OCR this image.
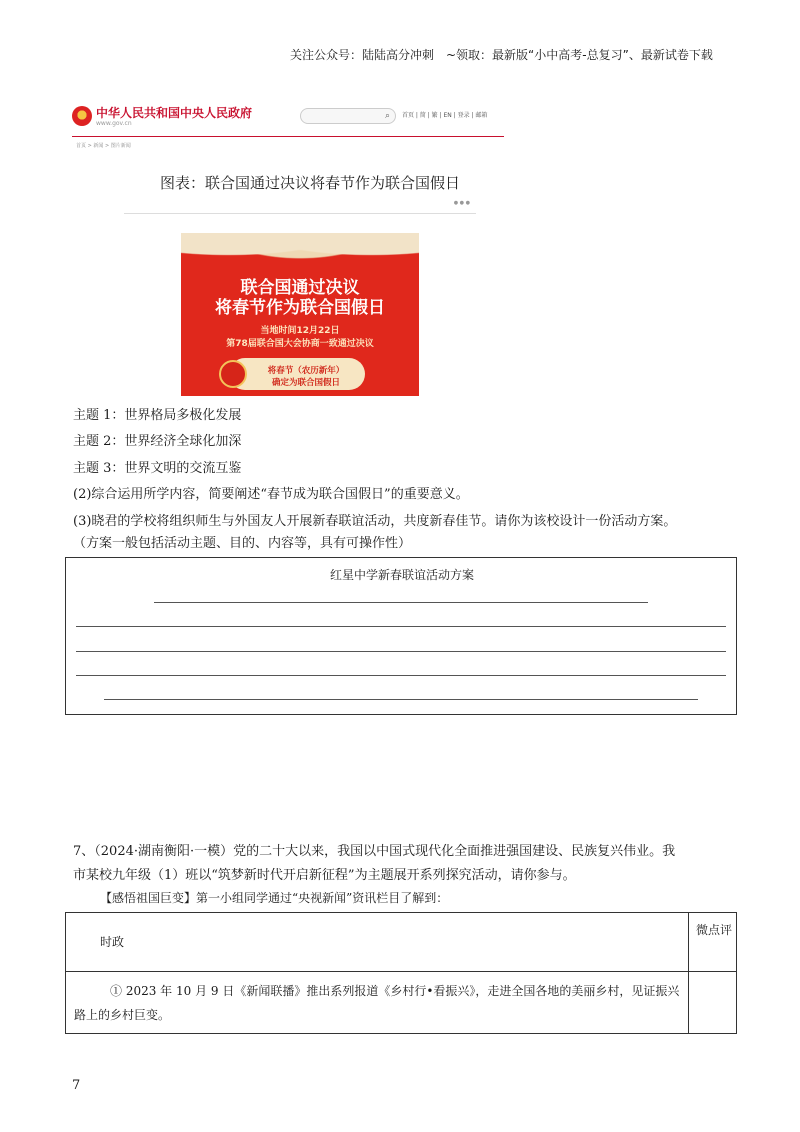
关注公众号：陆陆高分冲刺　~领取：最新版“小中高考-总复习”、最新试卷下载
中华人民共和国中央人民政府
www.gov.cn
⌕ 首页 | 简 | 繁 | EN | 登录 | 邮箱
首页 > 新闻 > 图片新闻
图表：联合国通过决议将春节作为联合国假日
● ● ●
联合国通过决议
将春节作为联合国假日
当地时间12月22日
第78届联合国大会协商一致通过决议
将春节（农历新年）
确定为联合国假日
主题 1：世界格局多极化发展
主题 2：世界经济全球化加深
主题 3：世界文明的交流互鉴
(2)综合运用所学内容，简要阐述“春节成为联合国假日”的重要意义。
(3)晓君的学校将组织师生与外国友人开展新春联谊活动，共度新春佳节。请你为该校设计一份活动方案。
（方案一般包括活动主题、目的、内容等，具有可操作性）
红星中学新春联谊活动方案
7、（2024·湖南衡阳·一模）党的二十大以来，我国以中国式现代化全面推进强国建设、民族复兴伟业。我
市某校九年级（1）班以“筑梦新时代开启新征程”为主题展开系列探究活动，请你参与。
【感悟祖国巨变】第一小组同学通过“央视新闻”资讯栏目了解到：
时政
微点评
① 2023 年 10 月 9 日《新闻联播》推出系列报道《乡村行•看振兴》，走进全国各地的美丽乡村，见证振兴路上的乡村巨变。
7
